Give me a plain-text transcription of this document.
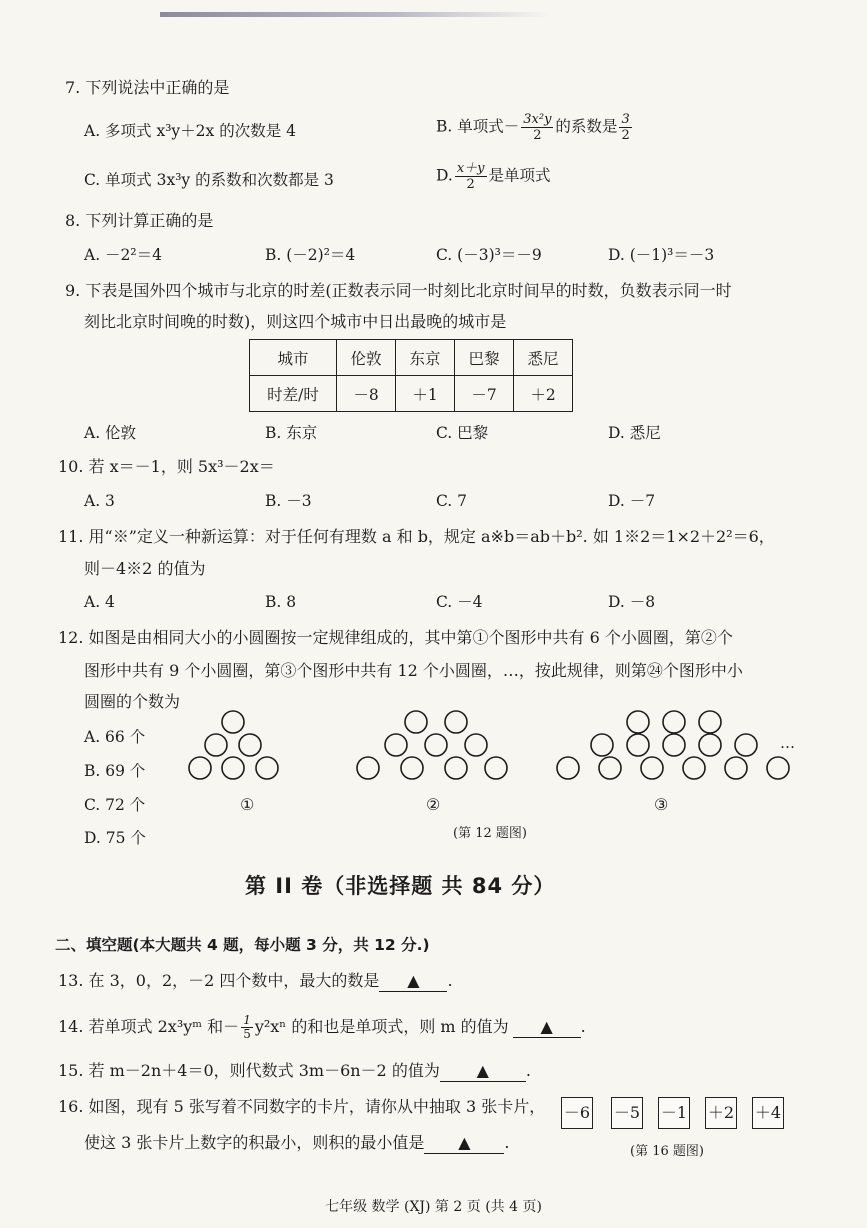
7. 下列说法中正确的是
A. 多项式 x³y＋2x 的次数是 4	B. 单项式－ $\frac{\text{3x²y}}{2}$ 的系数是 $\frac{3}{2}$
C. 单项式 3x³y 的系数和次数都是 3	D. $\frac{x+y}{2}$ 是单项式
8. 下列计算正确的是
A. －2²＝4	B. (－2)²＝4	C. (－3)³＝－9	D. (－1)³＝－3
9. 下表是国外四个城市与北京的时差(正数表示同一时刻比北京时间早的时数，负数表示同一时
刻比北京时间晚的时数)，则这四个城市中日出最晚的城市是
城市	伦敦	东京	巴黎	悉尼
时差/时	－8	＋1	－7	＋2
A. 伦敦	B. 东京	C. 巴黎	D. 悉尼
10. 若 x＝－1，则 5x³－2x＝
A. 3	B. －3	C. 7	D. －7
11. 用“※”定义一种新运算：对于任何有理数 a 和 b，规定 a※b＝ab＋b². 如 1※2＝1×2＋2²＝6，
则－4※2 的值为
A. 4	B. 8	C. －4	D. －8
12. 如图是由相同大小的小圆圈按一定规律组成的，其中第①个图形中共有 6 个小圆圈，第②个
图形中共有 9 个小圆圈，第③个图形中共有 12 个小圆圈，…，按此规律，则第㉔个图形中小
圆圈的个数为
A. 66 个
B. 69 个
C. 72 个
D. 75 个
…
①	②	③
(第 12 题图)
第 II 卷（非选择题 共 84 分）
二、填空题(本大题共 4 题，每小题 3 分，共 12 分.)
13. 在 3，0，2，－2 四个数中，最大的数是 ▲ .
14. 若单项式 2x³yᵐ 和－ $\frac{1}{5} y^2x^n$ 的和也是单项式，则 m 的值为 ▲ .
15. 若 m－2n＋4＝0，则代数式 3m－6n－2 的值为 ▲ .
16. 如图，现有 5 张写着不同数字的卡片，请你从中抽取 3 张卡片，
使这 3 张卡片上数字的积最小，则积的最小值是 ▲ .
－6 －5 －1 ＋2 ＋4
(第 16 题图)
七年级 数学 (XJ) 第 2 页 (共 4 页)
